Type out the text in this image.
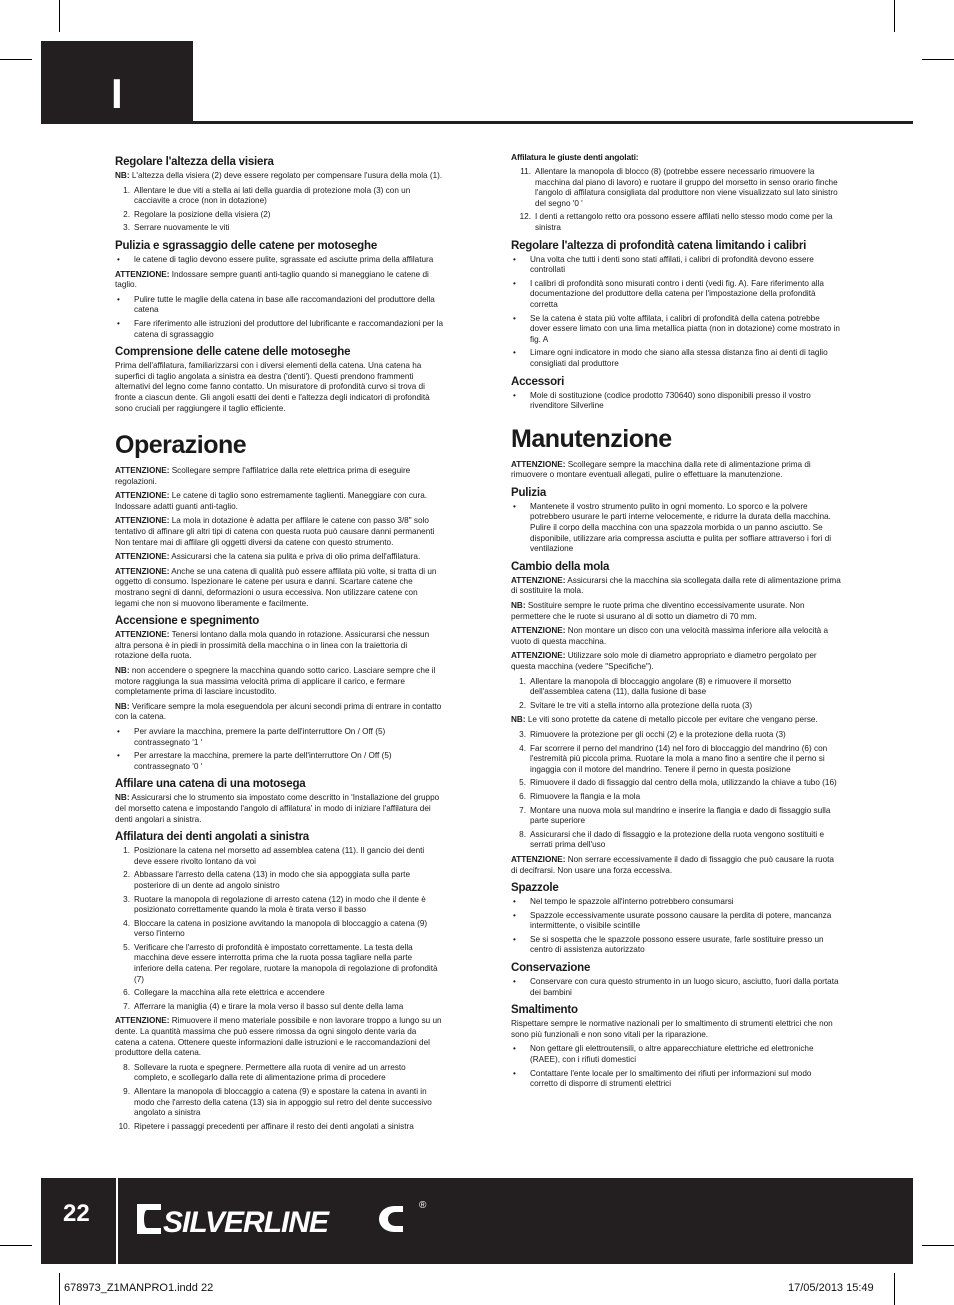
I
Regolare l'altezza della visiera

NB: L'altezza della visiera (2) deve essere regolato per compensare l'usura della mola (1).

1. Allentare le due viti a stella ai lati della guardia di protezione mola (3) con un cacciavite a croce (non in dotazione)
2. Regolare la posizione della visiera (2)
3. Serrare nuovamente le viti
Pulizia e sgrassaggio delle catene per motoseghe
•	le catene di taglio devono essere pulite, sgrassate ed asciutte prima della affilatura

ATTENZIONE: Indossare sempre guanti anti-taglio quando si maneggiano le catene di taglio.

•	Pulire tutte le maglie della catena in base alle raccomandazioni del produttore della catena
•	Fare riferimento alle istruzioni del produttore del lubrificante e raccomandazioni per la catena di sgrassaggio
Comprensione delle catene delle motoseghe

Prima dell'affilatura, familiarizzarsi con i diversi elementi della catena. Una catena ha superfici di taglio angolata a sinistra ea destra ('denti'). Questi prendono frammenti alternativi del legno come fanno contatto. Un misuratore di profondità curvo si trova di fronte a ciascun dente. Gli angoli esatti dei denti e l'altezza degli indicatori di profondità sono cruciali per raggiungere il taglio efficiente.

Operazione

ATTENZIONE: Scollegare sempre l'affilatrice dalla rete elettrica prima di eseguire regolazioni.

ATTENZIONE: Le catene di taglio sono estremamente taglienti. Maneggiare con cura. Indossare adatti guanti anti-taglio.

ATTENZIONE: La mola in dotazione è adatta per affilare le catene con passo 3/8" solo tentativo di affinare gli altri tipi di catena con questa ruota può causare danni permanenti Non tentare mai di affilare gli oggetti diversi da catene con questo strumento.

ATTENZIONE: Assicurarsi che la catena sia pulita e priva di olio prima dell'affilatura.

ATTENZIONE: Anche se una catena di qualità può essere affilata più volte, si tratta di un oggetto di consumo. Ispezionare le catene per usura e danni. Scartare catene che mostrano segni di danni, deformazioni o usura eccessiva. Non utilizzare catene con legami che non si muovono liberamente e facilmente.

Accensione e spegnimento

ATTENZIONE: Tenersi lontano dalla mola quando in rotazione. Assicurarsi che nessun altra persona è in piedi in prossimità della macchina o in linea con la traiettoria di rotazione della ruota.

NB: non accendere o spegnere la macchina quando sotto carico. Lasciare sempre che il motore raggiunga la sua massima velocità prima di applicare il carico, e fermare completamente prima di lasciare incustodito.

NB: Verificare sempre la mola eseguendola per alcuni secondi prima di entrare in contatto con la catena.

•	Per avviare la macchina, premere la parte dell'interruttore On / Off (5) contrassegnato '1 '
•	Per arrestare la macchina, premere la parte dell'interruttore On / Off (5) contrassegnato '0 '
Affilare una catena di una motosega

NB: Assicurarsi che lo strumento sia impostato come descritto in 'Installazione del gruppo del morsetto catena e impostando l'angolo di affilatura' in modo di iniziare l'affilatura dei denti angolari a sinistra.

Affilatura dei denti angolati a sinistra
1. Posizionare la catena nel morsetto ad assemblea catena (11). Il gancio dei denti deve essere rivolto lontano da voi
2. Abbassare l'arresto della catena (13) in modo che sia appoggiata sulla parte posteriore di un dente ad angolo sinistro
3. Ruotare la manopola di regolazione di arresto catena (12) in modo che il dente è posizionato correttamente quando la mola è tirata verso il basso
4. Bloccare la catena in posizione avvitando la manopola di bloccaggio a catena (9) verso l'interno
5. Verificare che l'arresto di profondità è impostato correttamente. La testa della macchina deve essere interrotta prima che la ruota possa tagliare nella parte inferiore della catena. Per regolare, ruotare la manopola di regolazione di profondità (7)
6. Collegare la macchina alla rete elettrica e accendere
7. Afferrare la maniglia (4) e tirare la mola verso il basso sul dente della lama

ATTENZIONE: Rimuovere il meno materiale possibile e non lavorare troppo a lungo su un dente. La quantità massima che può essere rimossa da ogni singolo dente varia da catena a catena. Ottenere queste informazioni dalle istruzioni e le raccomandazioni del produttore della catena.

8. Sollevare la ruota e spegnere. Permettere alla ruota di venire ad un arresto completo, e scollegarlo dalla rete di alimentazione prima di procedere
9. Allentare la manopola di bloccaggio a catena (9) e spostare la catena in avanti in modo che l'arresto della catena (13) sia in appoggio sul retro del dente successivo angolato a sinistra
10. Ripetere i passaggi precedenti per affinare il resto dei denti angolati a sinistra
Affilatura le giuste denti angolati:
11. Allentare la manopola di blocco (8) (potrebbe essere necessario rimuovere la macchina dal piano di lavoro) e ruotare il gruppo del morsetto in senso orario finche l'angolo di affilatura consigliata dal produttore non viene visualizzato sul lato sinistro del segno '0 '
12. I denti a rettangolo retto ora possono essere affilati nello stesso modo come per la sinistra
Regolare l'altezza di profondità catena limitando i calibri
•	Una volta che tutti i denti sono stati affilati, i calibri di profondità devono essere controllati
•	I calibri di profondità sono misurati contro i denti (vedi fig. A). Fare riferimento alla documentazione del produttore della catena per l'impostazione della profondità corretta
•	Se la catena è stata più volte affilata, i calibri di profondità della catena potrebbe dover essere limato con una lima metallica piatta (non in dotazione) come mostrato in fig. A
•	Limare ogni indicatore in modo che siano alla stessa distanza fino ai denti di taglio consigliati dal produttore
Accessori
•	Mole di sostituzione (codice prodotto 730640) sono disponibili presso il vostro rivenditore Silverline
Manutenzione

ATTENZIONE: Scollegare sempre la macchina dalla rete di alimentazione prima di rimuovere o montare eventuali allegati, pulire o effettuare la manutenzione.

Pulizia
•	Mantenete il vostro strumento pulito in ogni momento. Lo sporco e la polvere potrebbero usurare le parti interne velocemente, e ridurre la durata della macchina. Pulire il corpo della macchina con una spazzola morbida o un panno asciutto. Se disponibile, utilizzare aria compressa asciutta e pulita per soffiare attraverso i fori di ventilazione
Cambio della mola

ATTENZIONE: Assicurarsi che la macchina sia scollegata dalla rete di alimentazione prima di sostituire la mola.

NB: Sostituire sempre le ruote prima che diventino eccessivamente usurate. Non permettere che le ruote si usurano al di sotto un diametro di 70 mm.

ATTENZIONE: Non montare un disco con una velocità massima inferiore alla velocità a vuoto di questa macchina.

ATTENZIONE: Utilizzare solo mole di diametro appropriato e diametro pergolato per questa macchina (vedere "Specifiche").

1. Allentare la manopola di bloccaggio angolare (8) e rimuovere il morsetto dell'assemblea catena (11), dalla fusione di base
2. Svitare le tre viti a stella intorno alla protezione della ruota (3)

NB: Le viti sono protette da catene di metallo piccole per evitare che vengano perse.

3. Rimuovere la protezione per gli occhi (2) e la protezione della ruota (3)
4. Far scorrere il perno del mandrino (14) nel foro di bloccaggio del mandrino (6) con l'estremità più piccola prima. Ruotare la mola a mano fino a sentire che il perno si ingaggia con il motore del mandrino. Tenere il perno in questa posizione
5. Rimuovere il dado di fissaggio dal centro della mola, utilizzando la chiave a tubo (16)
6. Rimuovere la flangia e la mola
7. Montare una nuova mola sul mandrino e inserire la flangia e dado di fissaggio sulla parte superiore
8. Assicurarsi che il dado di fissaggio e la protezione della ruota vengono sostituiti e serrati prima dell'uso

ATTENZIONE: Non serrare eccessivamente il dado di fissaggio che può causare la ruota di decifrarsi. Non usare una forza eccessiva.

Spazzole
•	Nel tempo le spazzole all'interno potrebbero consumarsi
•	Spazzole eccessivamente usurate possono causare la perdita di potere, mancanza intermittente, o visibile scintille
•	Se si sospetta che le spazzole possono essere usurate, farle sostituire presso un centro di assistenza autorizzato
Conservazione
•	Conservare con cura questo strumento in un luogo sicuro, asciutto, fuori dalla portata dei bambini
Smaltimento

Rispettare sempre le normative nazionali per lo smaltimento di strumenti elettrici che non sono più funzionali e non sono vitali per la riparazione.

•	Non gettare gli elettroutensili, o altre apparecchiature elettriche ed elettroniche (RAEE), con i rifiuti domestici
•	Contattare l'ente locale per lo smaltimento dei rifiuti per informazioni sul modo corretto di disporre di strumenti elettrici
22 SILVERLINE
®
678973_Z1MANPRO1.indd 22	17/05/2013 15:49
